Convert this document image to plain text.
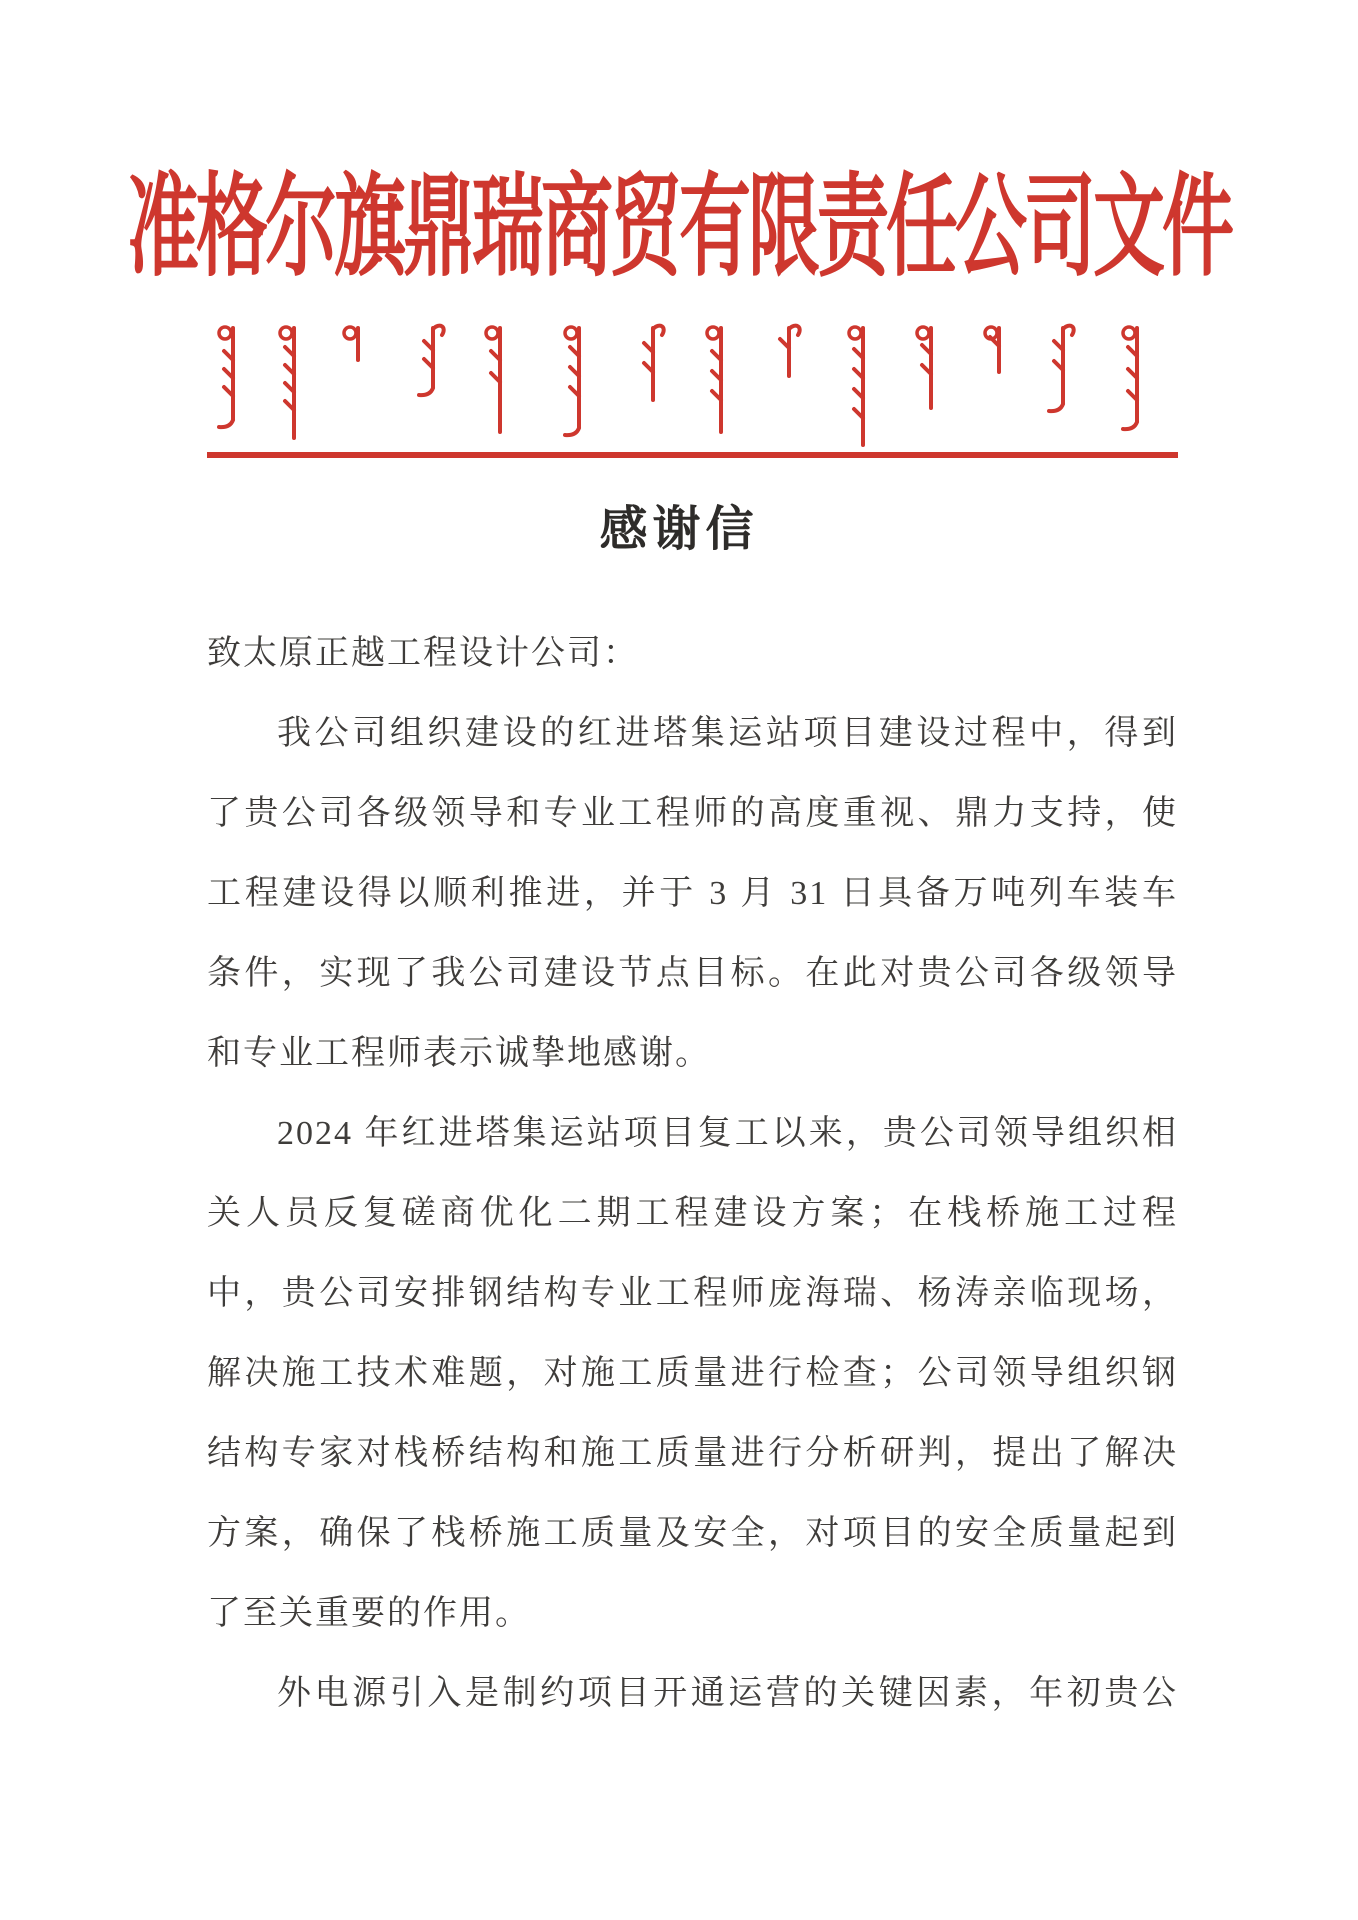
准格尔旗鼎瑞商贸有限责任公司文件
感谢信
致太原正越工程设计公司：
我公司组织建设的红进塔集运站项目建设过程中，得到
了贵公司各级领导和专业工程师的高度重视、鼎力支持，使
工程建设得以顺利推进，并于 3 月 31 日具备万吨列车装车
条件，实现了我公司建设节点目标。在此对贵公司各级领导
和专业工程师表示诚挚地感谢。
2024 年红进塔集运站项目复工以来，贵公司领导组织相
关人员反复磋商优化二期工程建设方案；在栈桥施工过程
中，贵公司安排钢结构专业工程师庞海瑞、杨涛亲临现场，
解决施工技术难题，对施工质量进行检查；公司领导组织钢
结构专家对栈桥结构和施工质量进行分析研判，提出了解决
方案，确保了栈桥施工质量及安全，对项目的安全质量起到
了至关重要的作用。
外电源引入是制约项目开通运营的关键因素，年初贵公
